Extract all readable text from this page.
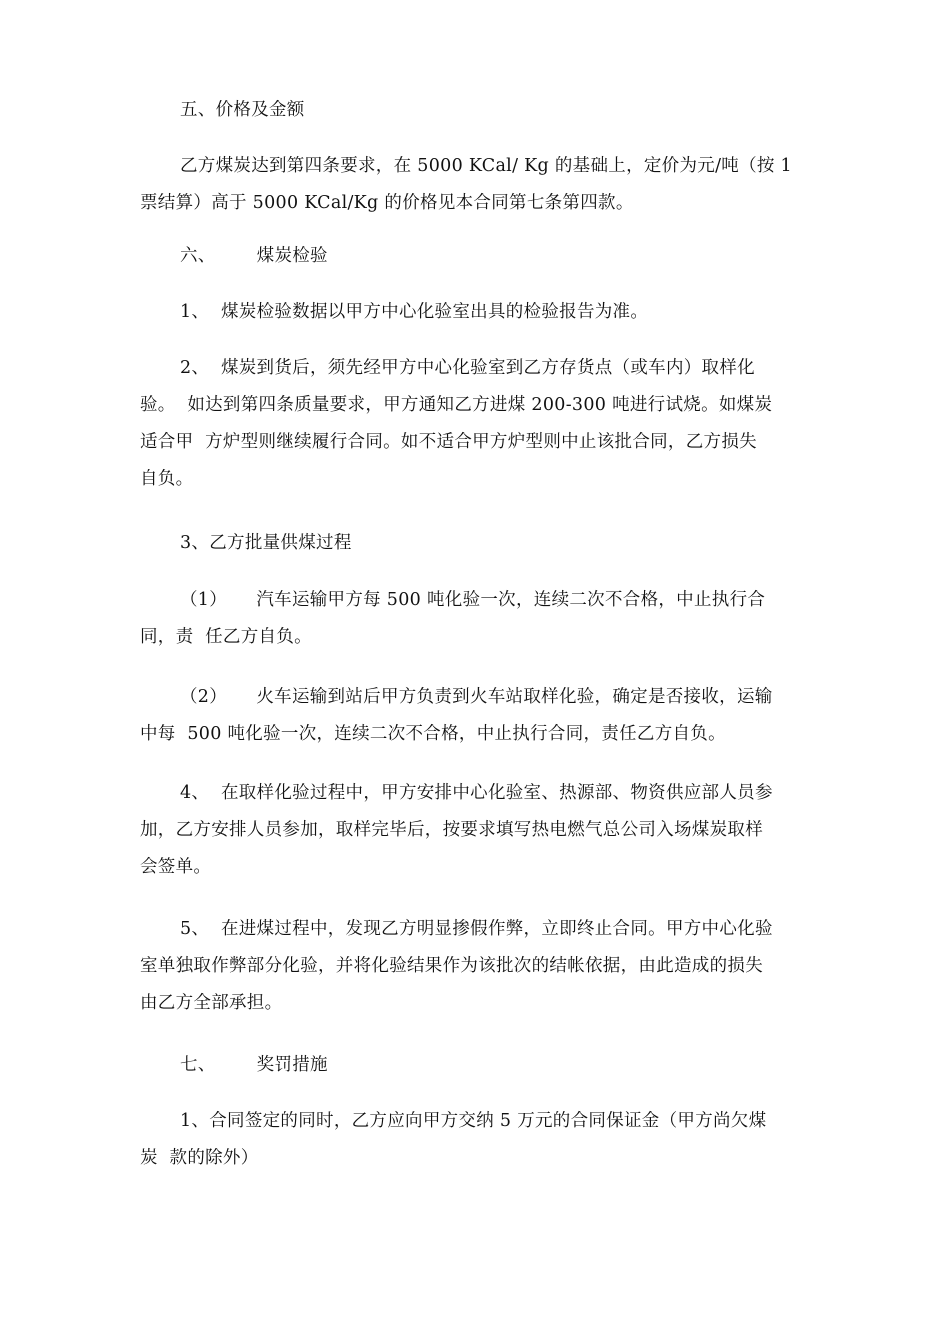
五、价格及金额
乙方煤炭达到第四条要求，在 5000 KCal/ Kg 的基础上，定价为元/吨（按 1
票结算）高于 5000 KCal/Kg 的价格见本合同第七条第四款。
六、       煤炭检验
1、  煤炭检验数据以甲方中心化验室出具的检验报告为准。
2、  煤炭到货后，须先经甲方中心化验室到乙方存货点（或车内）取样化
验。  如达到第四条质量要求，甲方通知乙方进煤 200-300 吨进行试烧。如煤炭
适合甲  方炉型则继续履行合同。如不适合甲方炉型则中止该批合同，乙方损失
自负。
3、乙方批量供煤过程
（1）     汽车运输甲方每 500 吨化验一次，连续二次不合格，中止执行合
同，责  任乙方自负。
（2）     火车运输到站后甲方负责到火车站取样化验，确定是否接收，运输
中每  500 吨化验一次，连续二次不合格，中止执行合同，责任乙方自负。
4、  在取样化验过程中，甲方安排中心化验室、热源部、物资供应部人员参
加，乙方安排人员参加，取样完毕后，按要求填写热电燃气总公司入场煤炭取样
会签单。
5、  在进煤过程中，发现乙方明显掺假作弊，立即终止合同。甲方中心化验
室单独取作弊部分化验，并将化验结果作为该批次的结帐依据，由此造成的损失
由乙方全部承担。
七、       奖罚措施
1、合同签定的同时，乙方应向甲方交纳 5 万元的合同保证金（甲方尚欠煤
炭  款的除外）
